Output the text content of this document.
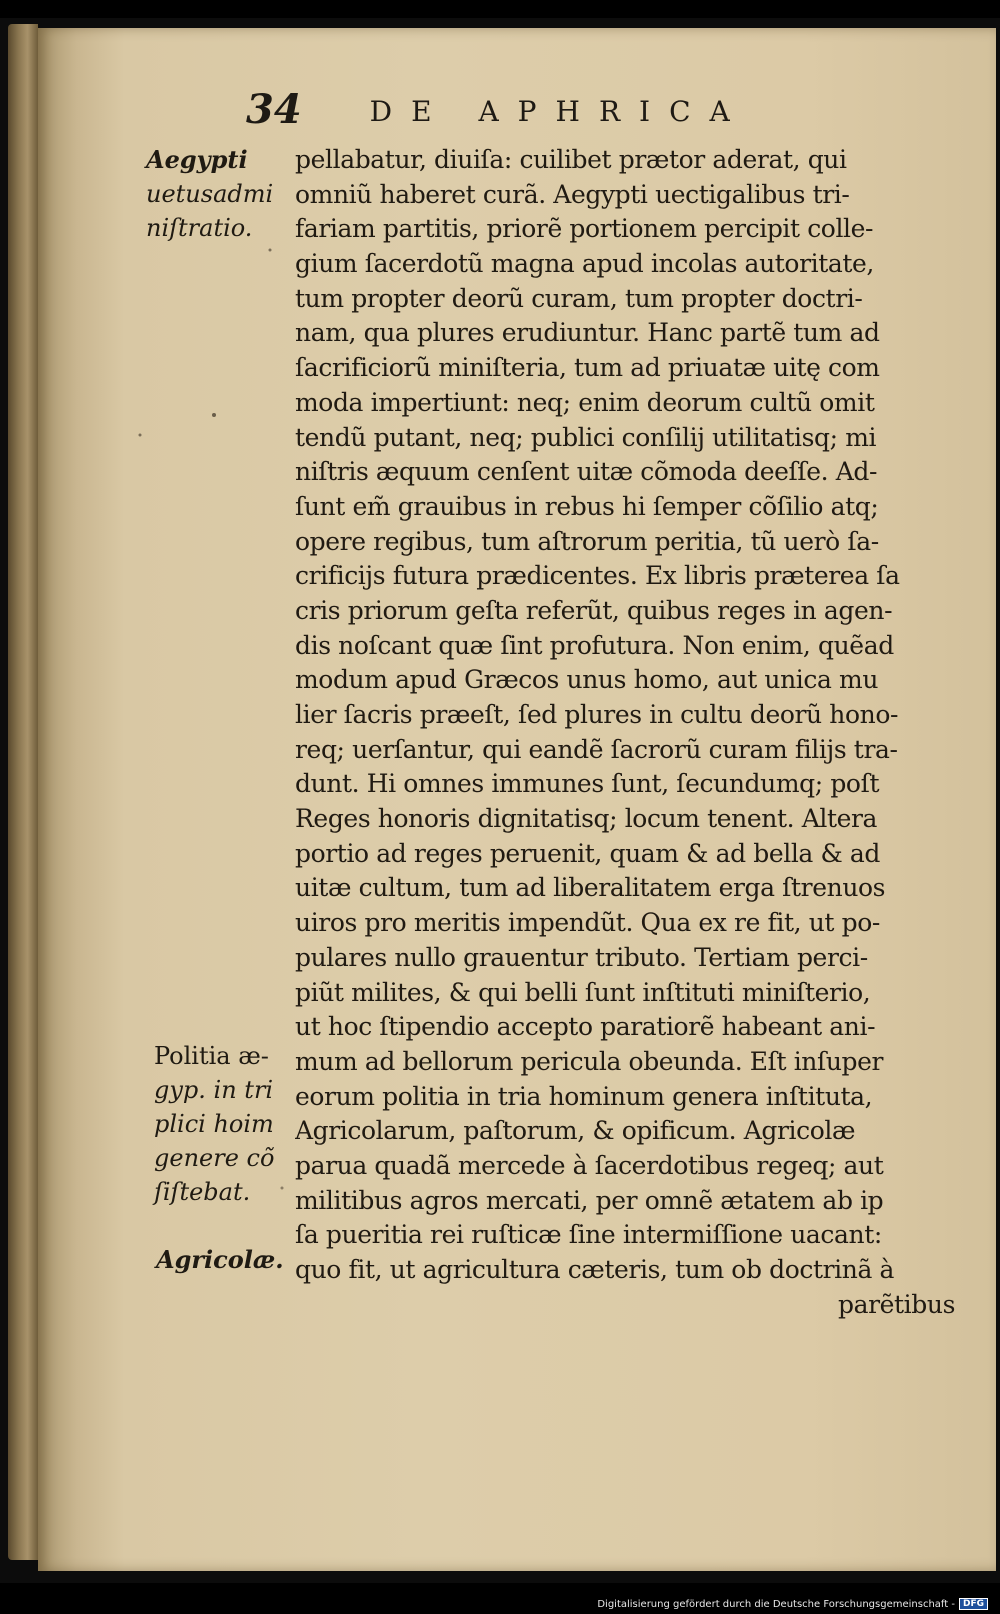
34 DE APHRICA
Aegypti
uetusadmi
niſtratio.
Politia æ-
gyp. in tri
plici hoim
genere cõ
ſiſtebat.
Agricolæ.
pellabatur, diuiſa: cuilibet prætor aderat, qui
omniũ haberet curã. Aegypti uectigalibus tri-
fariam partitis, priorẽ portionem percipit colle-
gium ſacerdotũ magna apud incolas autoritate,
tum propter deorũ curam, tum propter doctri-
nam, qua plures erudiuntur. Hanc partẽ tum ad
ſacrificiorũ miniſteria, tum ad priuatæ uitę com
moda impertiunt: neq; enim deorum cultũ omit
tendũ putant, neq; publici conſilij utilitatisq; mi
niſtris æquum cenſent uitæ cõmoda deeſſe. Ad-
ſunt em̃ grauibus in rebus hi ſemper cõſilio atq;
opere regibus, tum aſtrorum peritia, tũ uerò ſa-
crificijs futura prædicentes. Ex libris præterea ſa
cris priorum geſta referũt, quibus reges in agen-
dis noſcant quæ ſint profutura. Non enim, quẽad
modum apud Græcos unus homo, aut unica mu
lier ſacris præeſt, ſed plures in cultu deorũ hono-
req; uerſantur, qui eandẽ ſacrorũ curam filijs tra-
dunt. Hi omnes immunes ſunt, ſecundumq; poſt
Reges honoris dignitatisq; locum tenent. Altera
portio ad reges peruenit, quam & ad bella & ad
uitæ cultum, tum ad liberalitatem erga ſtrenuos
uiros pro meritis impendũt. Qua ex re fit, ut po-
pulares nullo grauentur tributo. Tertiam perci-
piũt milites, & qui belli ſunt inſtituti miniſterio,
ut hoc ſtipendio accepto paratiorẽ habeant ani-
mum ad bellorum pericula obeunda. Eſt inſuper
eorum politia in tria hominum genera inſtituta,
Agricolarum, paſtorum, & opificum. Agricolæ
parua quadã mercede à ſacerdotibus regeq; aut
militibus agros mercati, per omnẽ ætatem ab ip
ſa pueritia rei ruſticæ ſine intermiſſione uacant:
quo fit, ut agricultura cæteris, tum ob doctrinã à
parẽtibus
Digitalisierung gefördert durch die Deutsche Forschungsgemeinschaft - DFG
